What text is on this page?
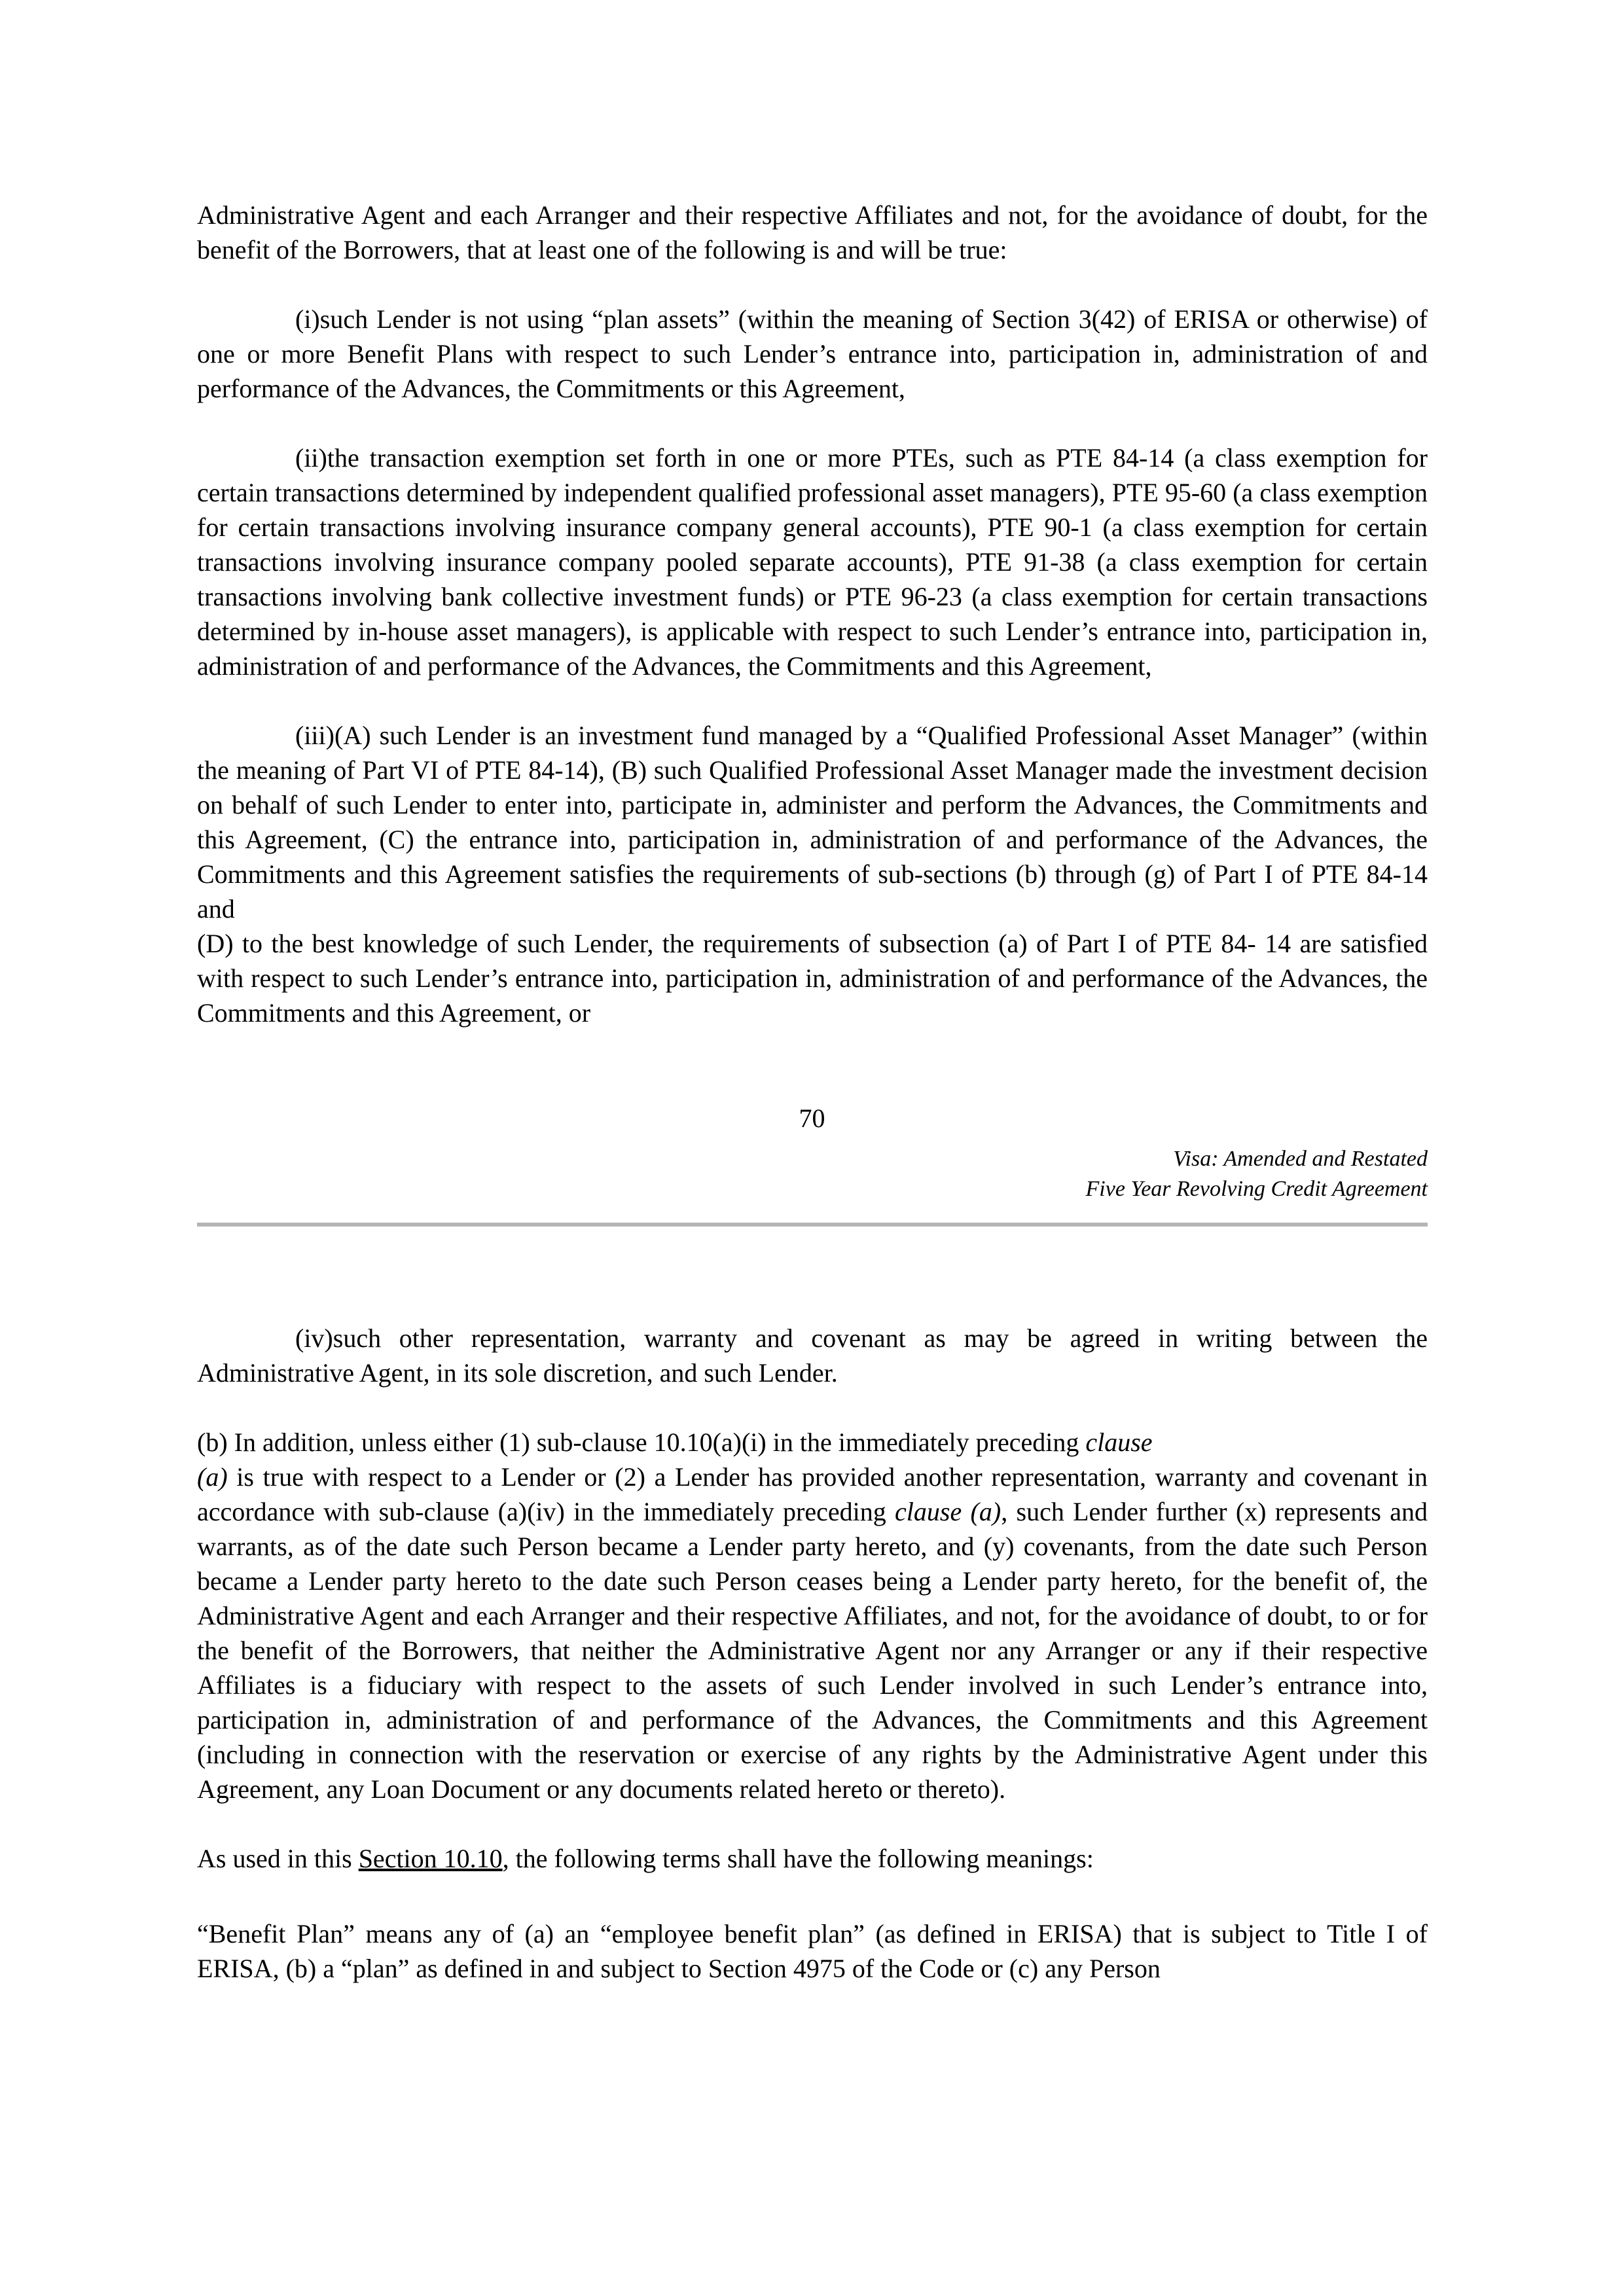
Administrative Agent and each Arranger and their respective Affiliates and not, for the avoidance of doubt, for the benefit of the Borrowers, that at least one of the following is and will be true:

(i)such Lender is not using “plan assets” (within the meaning of Section 3(42) of ERISA or otherwise) of one or more Benefit Plans with respect to such Lender’s entrance into, participation in, administration of and performance of the Advances, the Commitments or this Agreement,

(ii)the transaction exemption set forth in one or more PTEs, such as PTE 84-14 (a class exemption for certain transactions determined by independent qualified professional asset managers), PTE 95-60 (a class exemption for certain transactions involving insurance company general accounts), PTE 90-1 (a class exemption for certain transactions involving insurance company pooled separate accounts), PTE 91-38 (a class exemption for certain transactions involving bank collective investment funds) or PTE 96-23 (a class exemption for certain transactions determined by in-house asset managers), is applicable with respect to such Lender’s entrance into, participation in, administration of and performance of the Advances, the Commitments and this Agreement,

(iii)(A) such Lender is an investment fund managed by a “Qualified Professional Asset Manager” (within the meaning of Part VI of PTE 84-14), (B) such Qualified Professional Asset Manager made the investment decision on behalf of such Lender to enter into, participate in, administer and perform the Advances, the Commitments and this Agreement, (C) the entrance into, participation in, administration of and performance of the Advances, the Commitments and this Agreement satisfies the requirements of sub-sections (b) through (g) of Part I of PTE 84-14 and

(D) to the best knowledge of such Lender, the requirements of subsection (a) of Part I of PTE 84- 14 are satisfied with respect to such Lender’s entrance into, participation in, administration of and performance of the Advances, the Commitments and this Agreement, or

70
Visa: Amended and Restated
Five Year Revolving Credit Agreement

(iv)such other representation, warranty and covenant as may be agreed in writing between the Administrative Agent, in its sole discretion, and such Lender.

(b) In addition, unless either (1) sub-clause 10.10(a)(i) in the immediately preceding clause
(a) is true with respect to a Lender or (2) a Lender has provided another representation, warranty and covenant in accordance with sub-clause (a)(iv) in the immediately preceding clause (a), such Lender further (x) represents and warrants, as of the date such Person became a Lender party hereto, and (y) covenants, from the date such Person became a Lender party hereto to the date such Person ceases being a Lender party hereto, for the benefit of, the Administrative Agent and each Arranger and their respective Affiliates, and not, for the avoidance of doubt, to or for the benefit of the Borrowers, that neither the Administrative Agent nor any Arranger or any if their respective Affiliates is a fiduciary with respect to the assets of such Lender involved in such Lender’s entrance into, participation in, administration of and performance of the Advances, the Commitments and this Agreement (including in connection with the reservation or exercise of any rights by the Administrative Agent under this Agreement, any Loan Document or any documents related hereto or thereto).

As used in this Section 10.10, the following terms shall have the following meanings:

“Benefit Plan” means any of (a) an “employee benefit plan” (as defined in ERISA) that is subject to Title I of ERISA, (b) a “plan” as defined in and subject to Section 4975 of the Code or (c) any Person
